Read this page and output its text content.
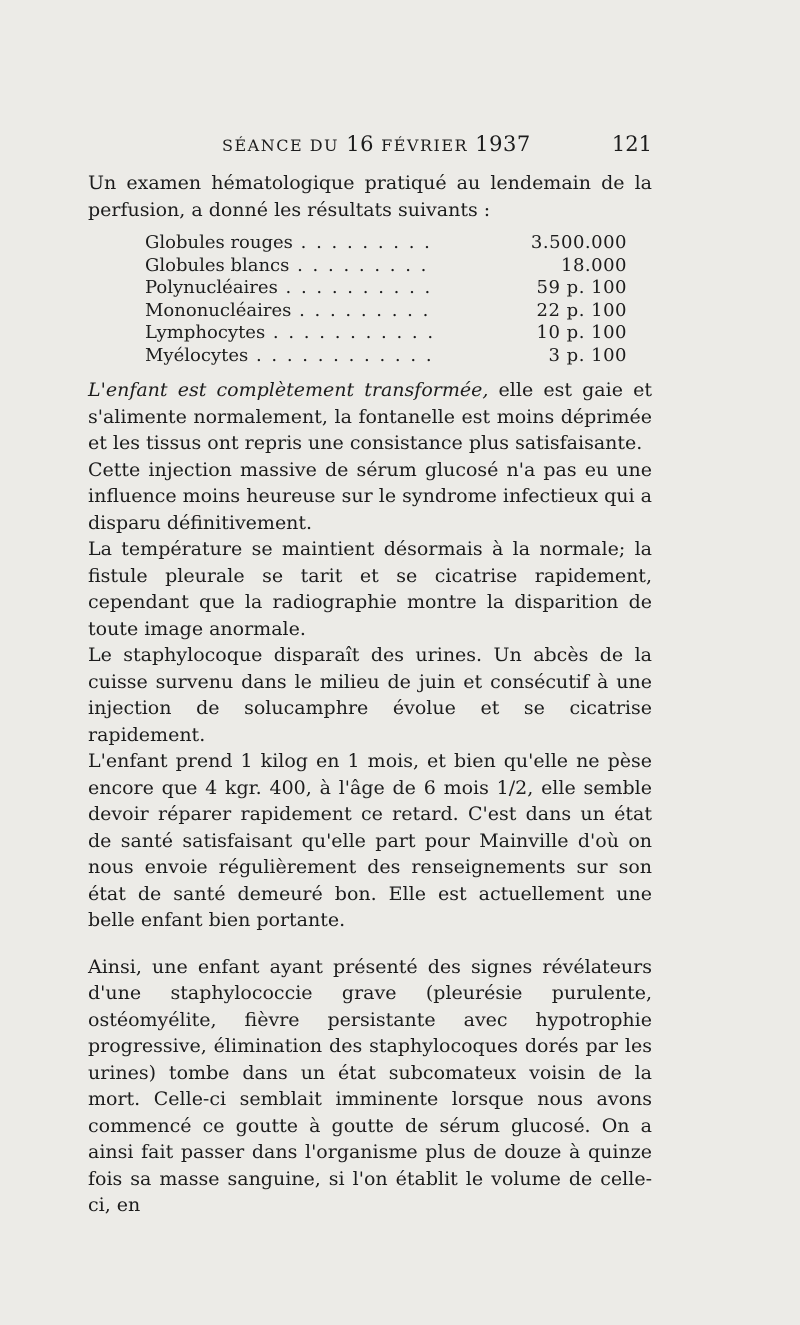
SÉANCE DU 16 FÉVRIER 1937	121

Un examen hématologique pratiqué au lendemain de la perfusion, a donné les résultats suivants :

Globules rouges . . .	3.500.000
Globules blancs . . .	18.000
Polynucléaires . . .	59 p. 100
Mononucléaires . . .	22 p. 100
Lymphocytes . . .	10 p. 100
Myélocytes . . .	3 p. 100

L'enfant est complètement transformée, elle est gaie et s'alimente normalement, la fontanelle est moins déprimée et les tissus ont repris une consistance plus satisfaisante.

Cette injection massive de sérum glucosé n'a pas eu une influence moins heureuse sur le syndrome infectieux qui a disparu définitivement.

La température se maintient désormais à la normale; la fistule pleurale se tarit et se cicatrise rapidement, cependant que la radiographie montre la disparition de toute image anormale.

Le staphylocoque disparaît des urines. Un abcès de la cuisse survenu dans le milieu de juin et consécutif à une injection de solucamphre évolue et se cicatrise rapidement.

L'enfant prend 1 kilog en 1 mois, et bien qu'elle ne pèse encore que 4 kgr. 400, à l'âge de 6 mois 1/2, elle semble devoir réparer rapidement ce retard. C'est dans un état de santé satisfaisant qu'elle part pour Mainville d'où on nous envoie régulièrement des renseignements sur son état de santé demeuré bon. Elle est actuellement une belle enfant bien portante.

Ainsi, une enfant ayant présenté des signes révélateurs d'une staphylococcie grave (pleurésie purulente, ostéomyélite, fièvre persistante avec hypotrophie progressive, élimination des staphylocoques dorés par les urines) tombe dans un état subcomateux voisin de la mort. Celle-ci semblait imminente lorsque nous avons commencé ce goutte à goutte de sérum glucosé. On a ainsi fait passer dans l'organisme plus de douze à quinze fois sa masse sanguine, si l'on établit le volume de celle-ci, en
